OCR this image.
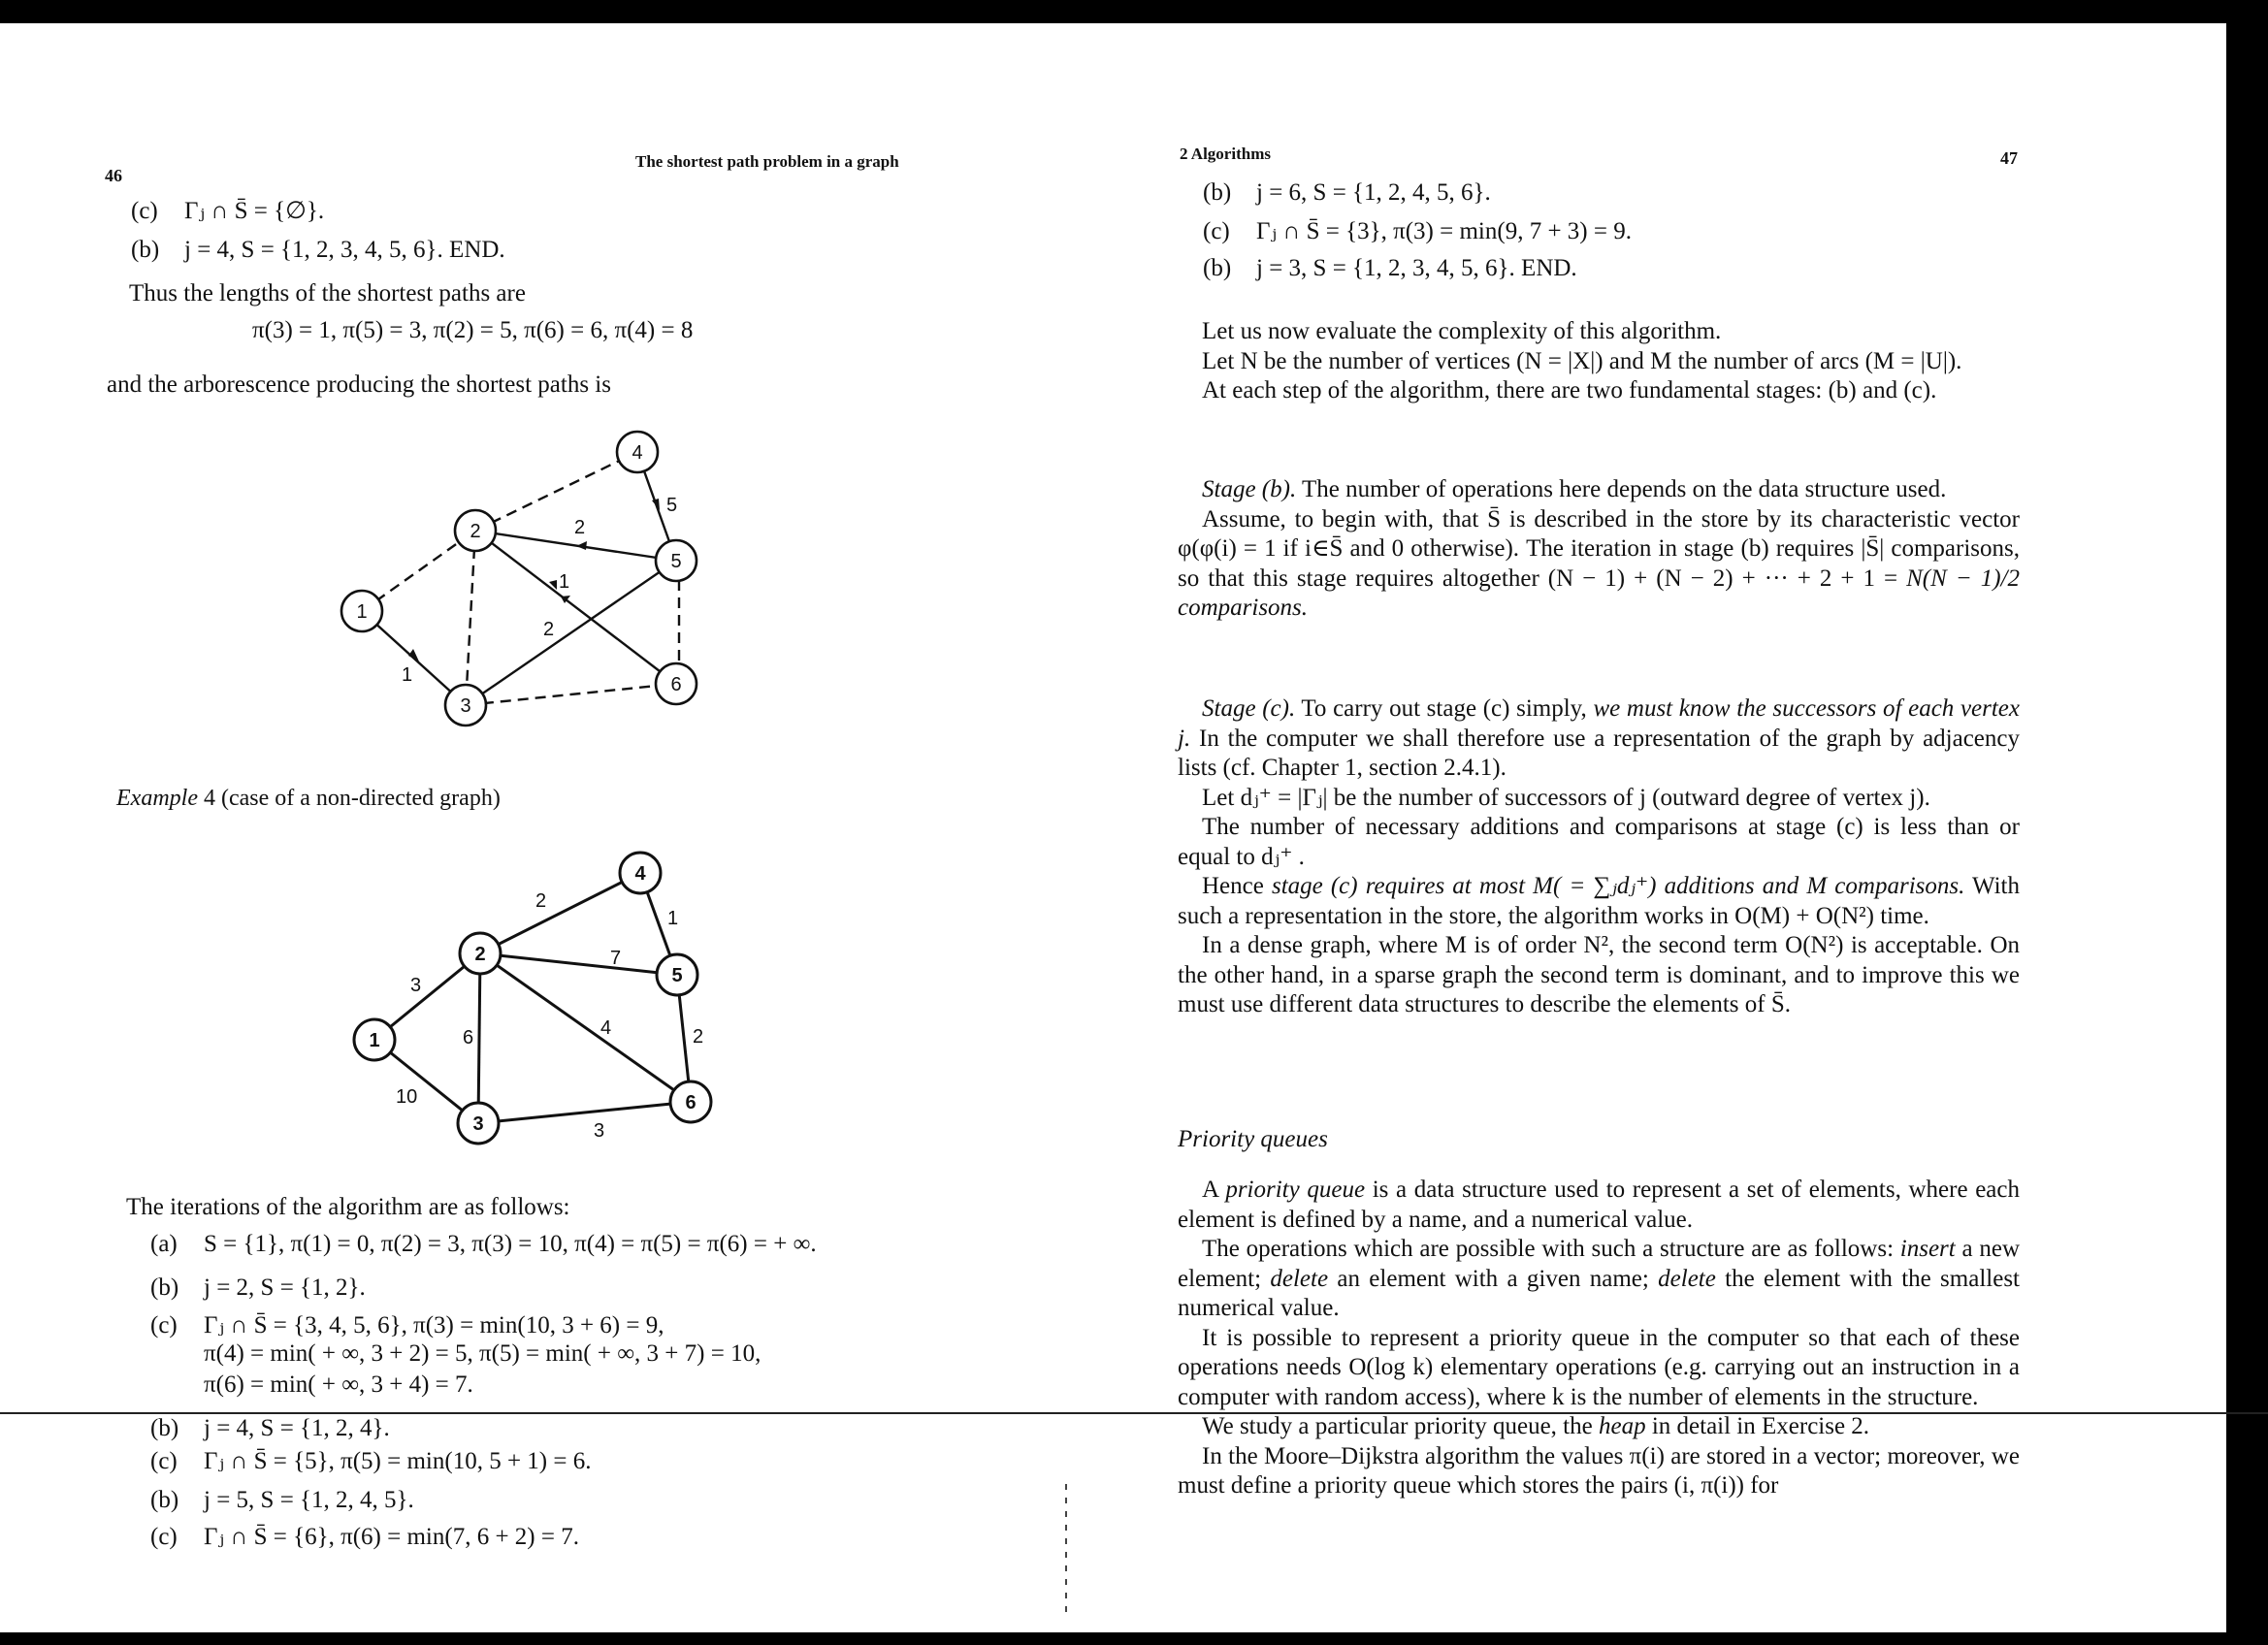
46
The shortest path problem in a graph
(c) Γⱼ ∩ S̄ = {∅}.
(b) j = 4, S = {1, 2, 3, 4, 5, 6}. END.
Thus the lengths of the shortest paths are
π(3) = 1, π(5) = 3, π(2) = 5, π(6) = 6, π(4) = 8
and the arborescence producing the shortest paths is
5
2
1
2
1
1
2
3
4
5
6
Example 4 (case of a non-directed graph)
3
10
6
2
7
4
1
2
3
1
2
3
4
5
6
The iterations of the algorithm are as follows:
(a) S = {1}, π(1) = 0, π(2) = 3, π(3) = 10, π(4) = π(5) = π(6) = + ∞.
(b) j = 2, S = {1, 2}.
(c) Γⱼ ∩ S̄ = {3, 4, 5, 6}, π(3) = min(10, 3 + 6) = 9,
π(4) = min( + ∞, 3 + 2) = 5, π(5) = min( + ∞, 3 + 7) = 10,
π(6) = min( + ∞, 3 + 4) = 7.
(b) j = 4, S = {1, 2, 4}.
(c) Γⱼ ∩ S̄ = {5}, π(5) = min(10, 5 + 1) = 6.
(b) j = 5, S = {1, 2, 4, 5}.
(c) Γⱼ ∩ S̄ = {6}, π(6) = min(7, 6 + 2) = 7.
2 Algorithms	47
(b) j = 6, S = {1, 2, 4, 5, 6}.
(c) Γⱼ ∩ S̄ = {3}, π(3) = min(9, 7 + 3) = 9.
(b) j = 3, S = {1, 2, 3, 4, 5, 6}. END.
Let us now evaluate the complexity of this algorithm.
Let N be the number of vertices (N = |X|) and M the number of arcs (M = |U|).
At each step of the algorithm, there are two fundamental stages: (b) and (c).
Stage (b). The number of operations here depends on the data structure used.
Assume, to begin with, that S̄ is described in the store by its characteristic vector φ(φ(i) = 1 if i∈S̄ and 0 otherwise). The iteration in stage (b) requires |S̄| comparisons, so that this stage requires altogether (N − 1) + (N − 2) + ··· + 2 + 1 = N(N − 1)/2 comparisons.
Stage (c). To carry out stage (c) simply, we must know the successors of each vertex j. In the computer we shall therefore use a representation of the graph by adjacency lists (cf. Chapter 1, section 2.4.1).
Let dⱼ⁺ = |Γⱼ| be the number of successors of j (outward degree of vertex j).
The number of necessary additions and comparisons at stage (c) is less than or equal to dⱼ⁺ .
Hence stage (c) requires at most M( = ∑ⱼdⱼ⁺) additions and M comparisons. With such a representation in the store, the algorithm works in O(M) + O(N²) time.
In a dense graph, where M is of order N², the second term O(N²) is acceptable. On the other hand, in a sparse graph the second term is dominant, and to improve this we must use different data structures to describe the elements of S̄.
Priority queues
A priority queue is a data structure used to represent a set of elements, where each element is defined by a name, and a numerical value.
The operations which are possible with such a structure are as follows: insert a new element; delete an element with a given name; delete the element with the smallest numerical value.
It is possible to represent a priority queue in the computer so that each of these operations needs O(log k) elementary operations (e.g. carrying out an instruction in a computer with random access), where k is the number of elements in the structure.
We study a particular priority queue, the heap in detail in Exercise 2.
In the Moore–Dijkstra algorithm the values π(i) are stored in a vector; moreover, we must define a priority queue which stores the pairs (i, π(i)) for
